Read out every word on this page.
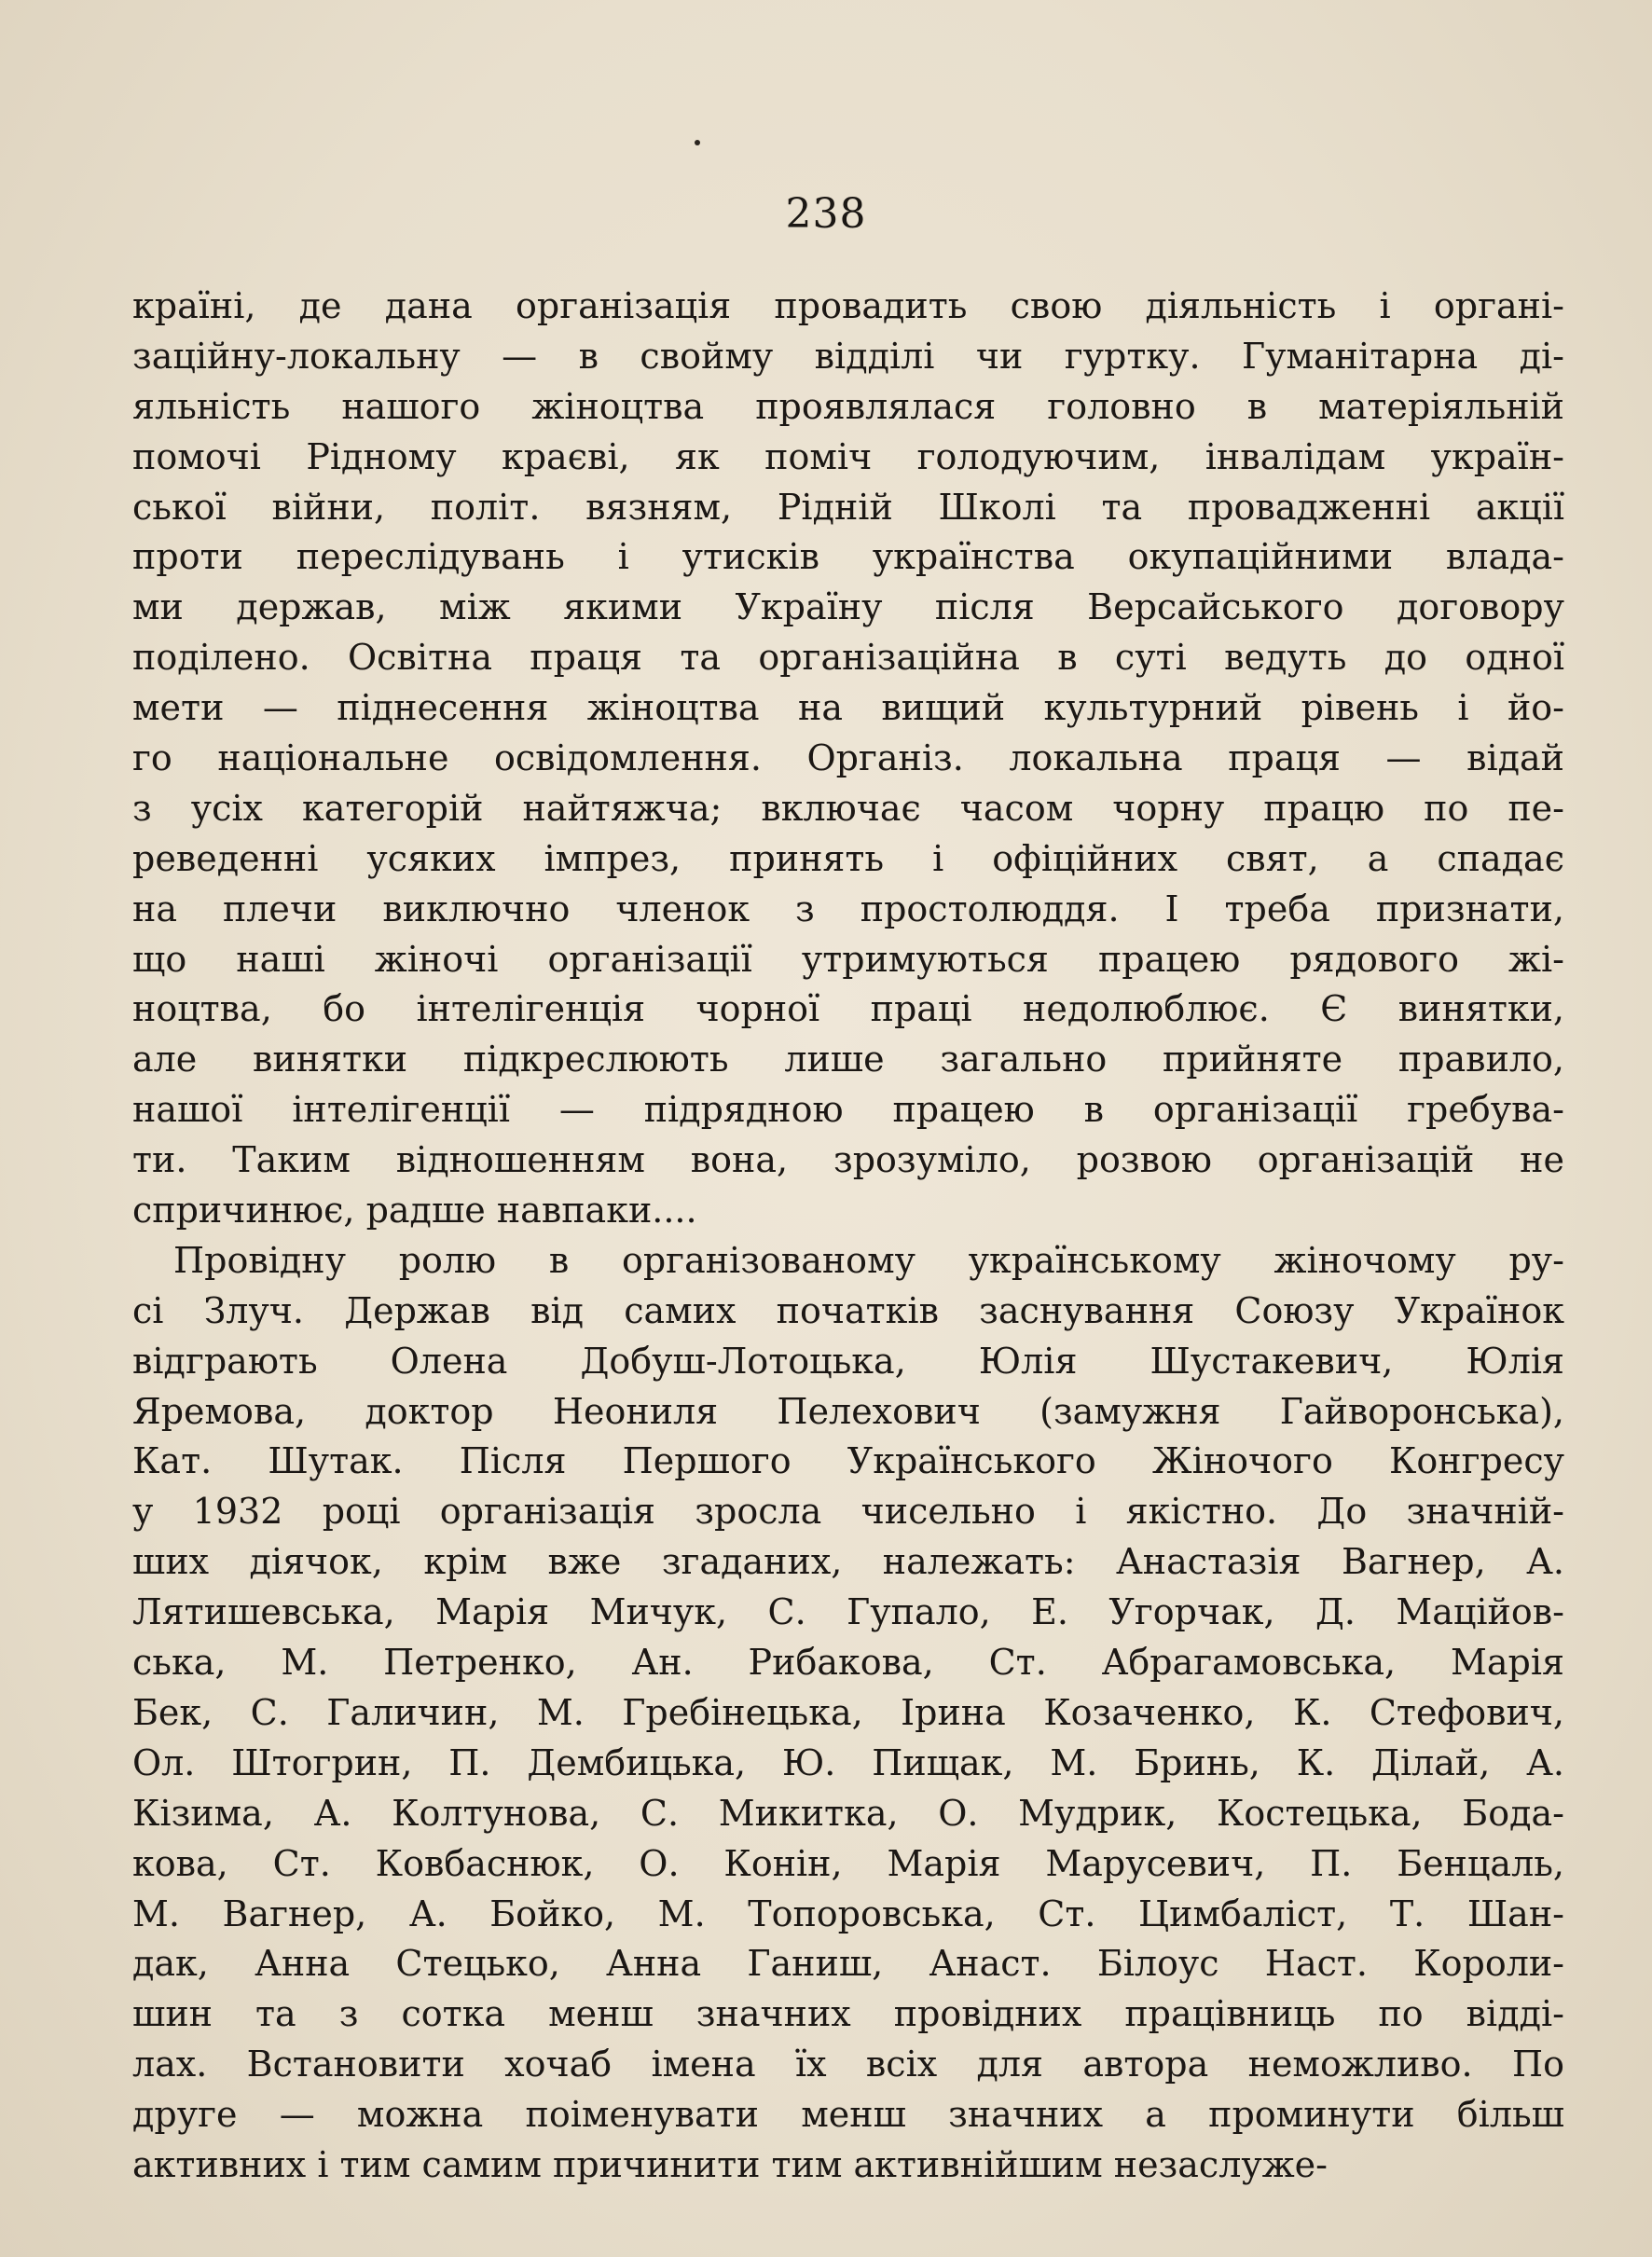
238
країні, де дана організація провадить свою діяльність і органі-
заційну-локальну — в свойму відділі чи гуртку. Гуманітарна ді-
яльність нашого жіноцтва проявлялася головно в матеріяльній
помочі Рідному краєві, як поміч голодуючим, інвалідам україн-
ської війни, політ. вязням, Рідній Школі та провадженні акції
проти переслідувань і утисків українства окупаційними влада-
ми держав, між якими Україну після Версайського договору
поділено. Освітна праця та організаційна в суті ведуть до одної
мети — піднесення жіноцтва на вищий культурний рівень і йо-
го національне освідомлення. Організ. локальна праця — відай
з усіх категорій найтяжча; включає часом чорну працю по пе-
реведенні усяких імпрез, принять і офіційних свят, а спадає
на плечи виключно членок з простолюддя. І треба признати,
що наші жіночі організації утримуються працею рядового жі-
ноцтва, бо інтелігенція чорної праці недолюблює. Є винятки,
але винятки підкреслюють лише загально прийняте правило,
нашої інтелігенції — підрядною працею в організації гребува-
ти. Таким відношенням вона, зрозуміло, розвою організацій не
спричинює, радше навпаки....
Провідну ролю в організованому українському жіночому ру-
сі Злуч. Держав від самих початків заснування Союзу Українок
відграють Олена Добуш-Лотоцька, Юлія Шустакевич, Юлія
Яремова, доктор Неониля Пелехович (замужня Гайворонська),
Кат. Шутак. Після Першого Українського Жіночого Конгресу
у 1932 році організація зросла чисельно і якістно. До значній-
ших діячок, крім вже згаданих, належать: Анастазія Вагнер, А.
Лятишевська, Марія Мичук, С. Гупало, Е. Угорчак, Д. Маційов-
ська, М. Петренко, Ан. Рибакова, Ст. Абрагамовська, Марія
Бек, С. Галичин, М. Гребінецька, Ірина Козаченко, К. Стефович,
Ол. Штогрин, П. Дембицька, Ю. Пищак, М. Бринь, К. Ділай, А.
Кізима, А. Колтунова, С. Микитка, О. Мудрик, Костецька, Бода-
кова, Ст. Ковбаснюк, О. Конін, Марія Марусевич, П. Бенцаль,
М. Вагнер, А. Бойко, М. Топоровська, Ст. Цимбаліст, Т. Шан-
дак, Анна Стецько, Анна Ганиш, Анаст. Білоус Наст. Короли-
шин та з сотка менш значних провідних працівниць по відді-
лах. Встановити хочаб імена їх всіх для автора неможливо. По
друге — можна поіменувати менш значних а проминути більш
активних і тим самим причинити тим активнійшим незаслуже-
